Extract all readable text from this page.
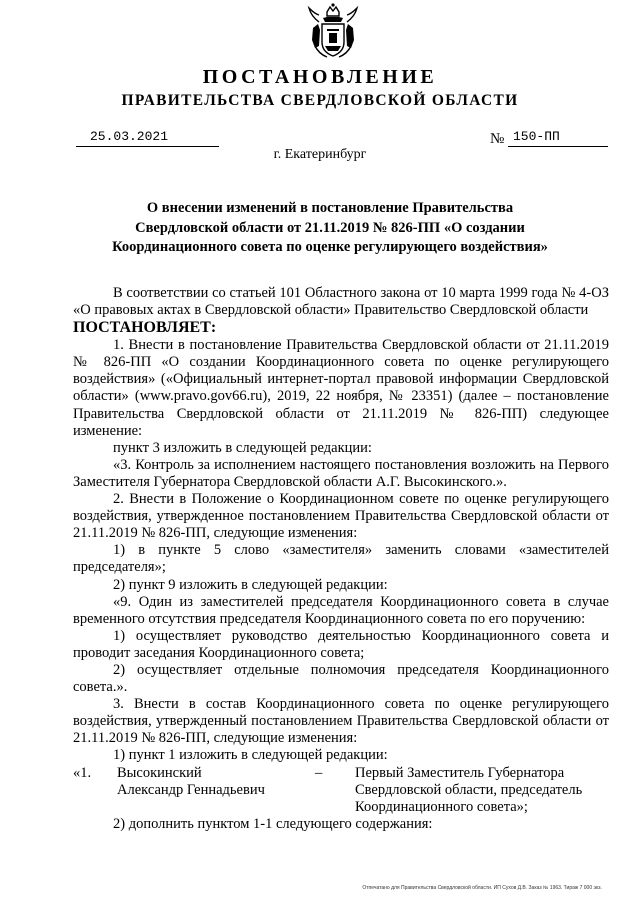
ПОСТАНОВЛЕНИЕ
ПРАВИТЕЛЬСТВА СВЕРДЛОВСКОЙ ОБЛАСТИ
25.03.2021	№ 150-ПП
г. Екатеринбург
О внесении изменений в постановление Правительства
Свердловской области от 21.11.2019 № 826-ПП «О создании
Координационного совета по оценке регулирующего воздействия»

В соответствии со статьей 101 Областного закона от 10 марта 1999 года № 4-ОЗ «О правовых актах в Свердловской области» Правительство Свердловской области

ПОСТАНОВЛЯЕТ:

1. Внести в постановление Правительства Свердловской области от 21.11.2019 № 826-ПП «О создании Координационного совета по оценке регулирующего воздействия» («Официальный интернет-портал правовой информации Свердловской области» (www.pravo.gov66.ru), 2019, 22 ноября, № 23351) (далее – постановление Правительства Свердловской области от 21.11.2019 № 826-ПП) следующее изменение:

пункт 3 изложить в следующей редакции:

«3. Контроль за исполнением настоящего постановления возложить на Первого Заместителя Губернатора Свердловской области А.Г. Высокинского.».

2. Внести в Положение о Координационном совете по оценке регулирующего воздействия, утвержденное постановлением Правительства Свердловской области от 21.11.2019 № 826-ПП, следующие изменения:

1) в пункте 5 слово «заместителя» заменить словами «заместителей председателя»;

2) пункт 9 изложить в следующей редакции:

«9. Один из заместителей председателя Координационного совета в случае временного отсутствия председателя Координационного совета по его поручению:

1) осуществляет руководство деятельностью Координационного совета и проводит заседания Координационного совета;

2) осуществляет отдельные полномочия председателя Координационного совета.».

3. Внести в состав Координационного совета по оценке регулирующего воздействия, утвержденный постановлением Правительства Свердловской области от 21.11.2019 № 826-ПП, следующие изменения:

1) пункт 1 изложить в следующей редакции:

«1.	Высокинский
Александр Геннадьевич
	–	Первый Заместитель Губернатора Свердловской области, председатель Координационного совета»;

2) дополнить пунктом 1-1 следующего содержания:

Отпечатано для Правительства Свердловской области. ИП Сухов Д.В. Заказ № 1963. Тираж 7 000 экз.
